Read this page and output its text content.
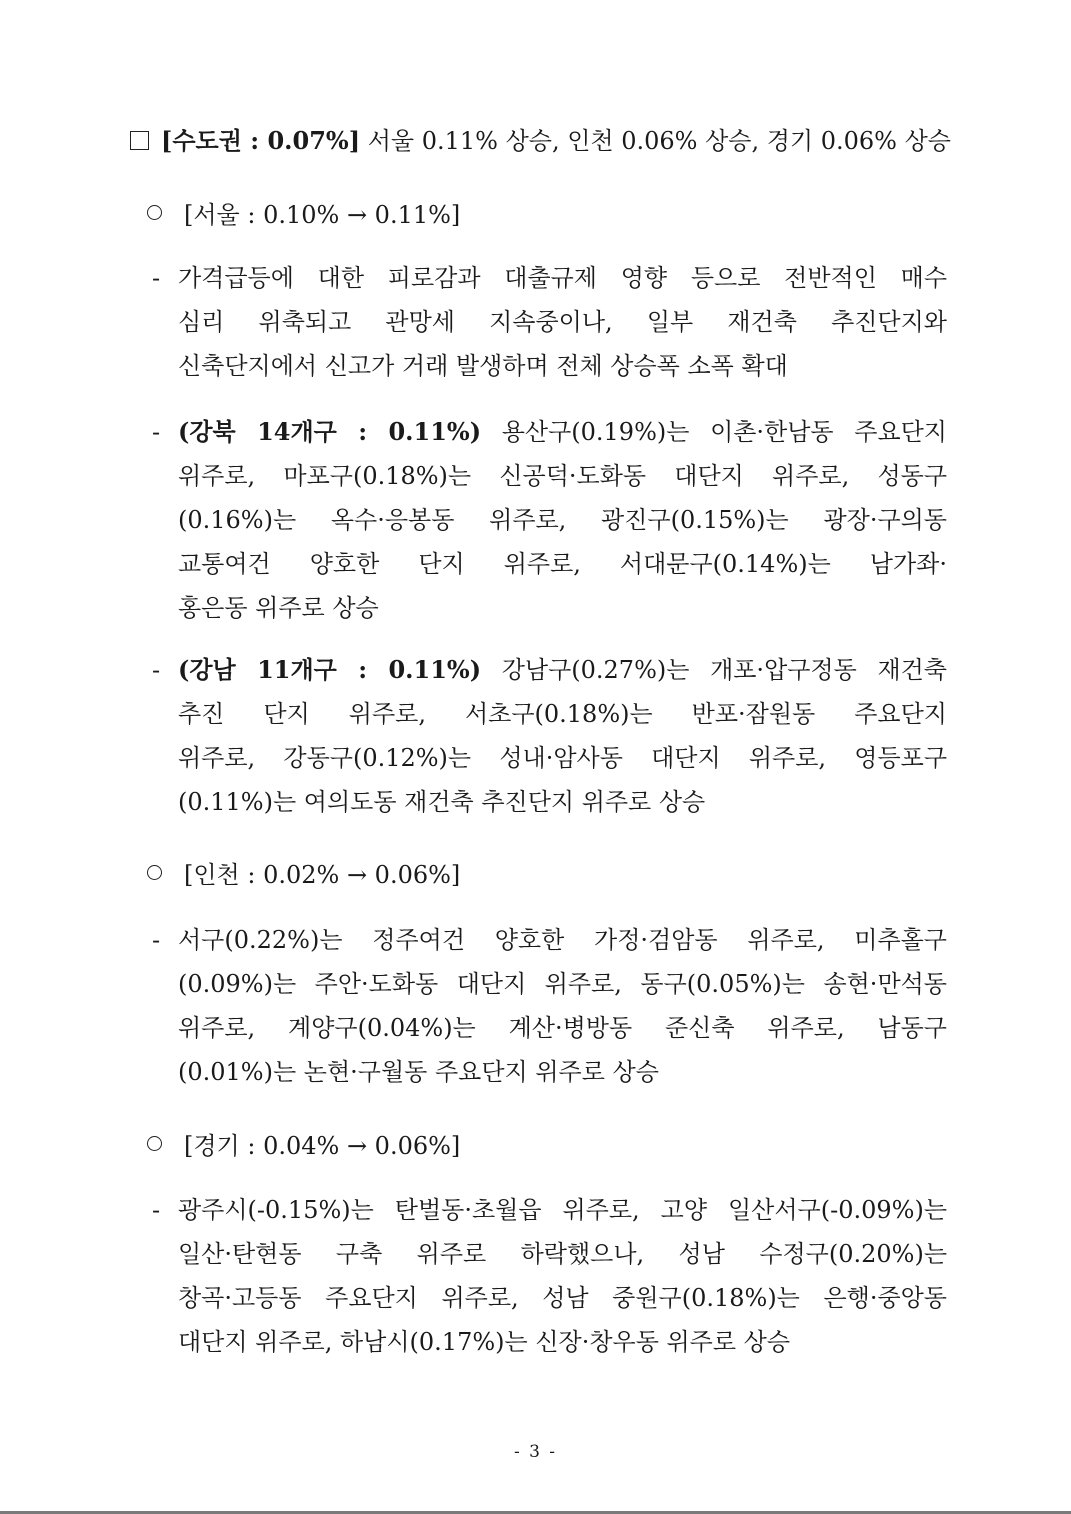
[수도권 : 0.07%] 서울 0.11% 상승, 인천 0.06% 상승, 경기 0.06% 상승
[서울 : 0.10% → 0.11%]
- 가격급등에 대한 피로감과 대출규제 영향 등으로 전반적인 매수
심리 위축되고 관망세 지속중이나, 일부 재건축 추진단지와
신축단지에서 신고가 거래 발생하며 전체 상승폭 소폭 확대
- (강북 14개구 : 0.11%) 용산구(0.19%)는 이촌·한남동 주요단지
위주로, 마포구(0.18%)는 신공덕·도화동 대단지 위주로, 성동구
(0.16%)는 옥수·응봉동 위주로, 광진구(0.15%)는 광장·구의동
교통여건 양호한 단지 위주로, 서대문구(0.14%)는 남가좌·
홍은동 위주로 상승
- (강남 11개구 : 0.11%) 강남구(0.27%)는 개포·압구정동 재건축
추진 단지 위주로, 서초구(0.18%)는 반포·잠원동 주요단지
위주로, 강동구(0.12%)는 성내·암사동 대단지 위주로, 영등포구
(0.11%)는 여의도동 재건축 추진단지 위주로 상승
[인천 : 0.02% → 0.06%]
- 서구(0.22%)는 정주여건 양호한 가정·검암동 위주로, 미추홀구
(0.09%)는 주안·도화동 대단지 위주로, 동구(0.05%)는 송현·만석동
위주로, 계양구(0.04%)는 계산·병방동 준신축 위주로, 남동구
(0.01%)는 논현·구월동 주요단지 위주로 상승
[경기 : 0.04% → 0.06%]
- 광주시(-0.15%)는 탄벌동·초월읍 위주로, 고양 일산서구(-0.09%)는
일산·탄현동 구축 위주로 하락했으나, 성남 수정구(0.20%)는
창곡·고등동 주요단지 위주로, 성남 중원구(0.18%)는 은행·중앙동
대단지 위주로, 하남시(0.17%)는 신장·창우동 위주로 상승
- 3 -
